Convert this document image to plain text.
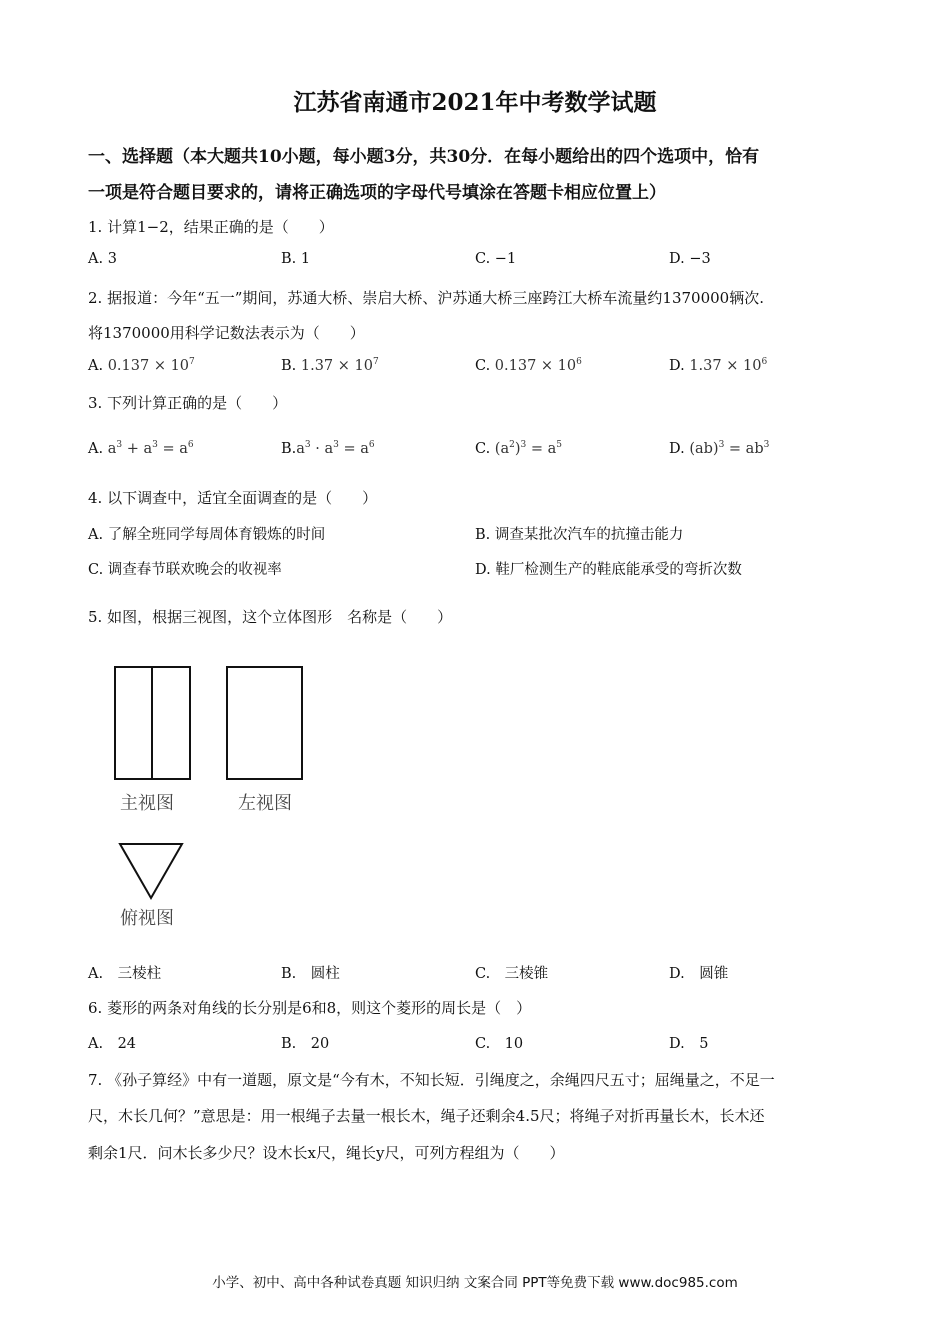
江苏省南通市2021年中考数学试题
一、选择题（本大题共10小题，每小题3分，共30分．在每小题给出的四个选项中，恰有
一项是符合题目要求的，请将正确选项的字母代号填涂在答题卡相应位置上）
1. 计算1−2，结果正确的是（　　）
A. 3	B. 1	C. −1	D. −3
2. 据报道：今年“五一”期间，苏通大桥、崇启大桥、沪苏通大桥三座跨江大桥车流量约1370000辆次.
将1370000用科学记数法表示为（　　）
A. $0.137 \times 10^7$	B. $1.37 \times 10^7$	C. $0.137 \times 10^6$	D. $1.37 \times 10^6$
3. 下列计算正确的是（　　）
A. $a^3 + a^3 = a^6$	$B.a^3 \cdot a^3 = a^6$	C. $(a^2)^3 = a^5$	D. $(ab)^3 = ab^3$
4. 以下调查中，适宜全面调查的是（　　）
A. 了解全班同学每周体育锻炼的时间	B. 调查某批次汽车的抗撞击能力
C. 调查春节联欢晚会的收视率	D. 鞋厂检测生产的鞋底能承受的弯折次数
5. 如图，根据三视图，这个立体图形　名称是（　　）
主视图	左视图
俯视图
A.　三棱柱	B.　圆柱	C.　三棱锥	D.　圆锥
6. 菱形的两条对角线的长分别是6和8，则这个菱形的周长是（　）
A.　24	B.　20	C.　10	D.　5
7. 《孙子算经》中有一道题，原文是“今有木，不知长短．引绳度之，余绳四尺五寸；屈绳量之，不足一
尺，木长几何？”意思是：用一根绳子去量一根长木，绳子还剩余4.5尺；将绳子对折再量长木，长木还
剩余1尺．问木长多少尺？设木长x尺，绳长y尺，可列方程组为（　　）
小学、初中、高中各种试卷真题 知识归纳 文案合同 PPT等免费下载 www.doc985.com
